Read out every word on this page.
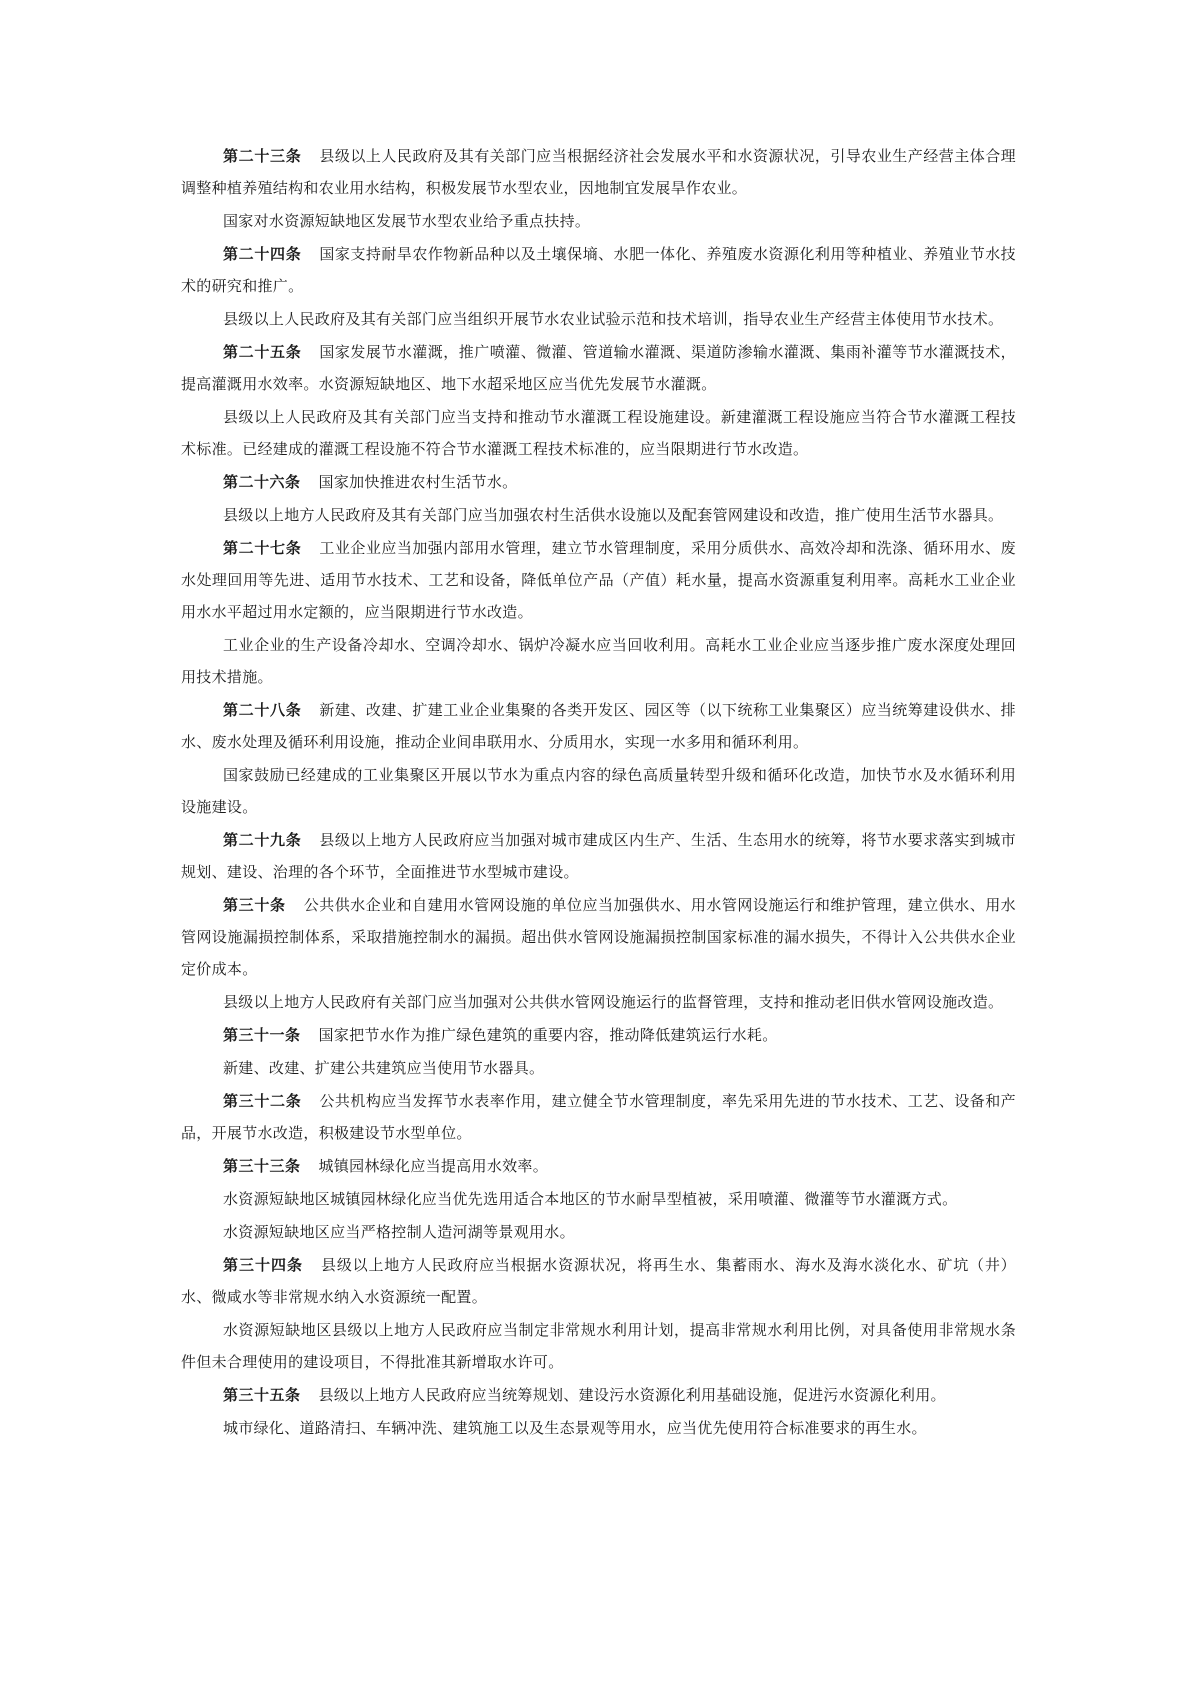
第二十三条 县级以上人民政府及其有关部门应当根据经济社会发展水平和水资源状况，引导农业生产经营主体合理调整种植养殖结构和农业用水结构，积极发展节水型农业，因地制宜发展旱作农业。

国家对水资源短缺地区发展节水型农业给予重点扶持。

第二十四条 国家支持耐旱农作物新品种以及土壤保墒、水肥一体化、养殖废水资源化利用等种植业、养殖业节水技术的研究和推广。

县级以上人民政府及其有关部门应当组织开展节水农业试验示范和技术培训，指导农业生产经营主体使用节水技术。

第二十五条 国家发展节水灌溉，推广喷灌、微灌、管道输水灌溉、渠道防渗输水灌溉、集雨补灌等节水灌溉技术，提高灌溉用水效率。水资源短缺地区、地下水超采地区应当优先发展节水灌溉。

县级以上人民政府及其有关部门应当支持和推动节水灌溉工程设施建设。新建灌溉工程设施应当符合节水灌溉工程技术标准。已经建成的灌溉工程设施不符合节水灌溉工程技术标准的，应当限期进行节水改造。

第二十六条 国家加快推进农村生活节水。

县级以上地方人民政府及其有关部门应当加强农村生活供水设施以及配套管网建设和改造，推广使用生活节水器具。

第二十七条 工业企业应当加强内部用水管理，建立节水管理制度，采用分质供水、高效冷却和洗涤、循环用水、废水处理回用等先进、适用节水技术、工艺和设备，降低单位产品（产值）耗水量，提高水资源重复利用率。高耗水工业企业用水水平超过用水定额的，应当限期进行节水改造。

工业企业的生产设备冷却水、空调冷却水、锅炉冷凝水应当回收利用。高耗水工业企业应当逐步推广废水深度处理回用技术措施。

第二十八条 新建、改建、扩建工业企业集聚的各类开发区、园区等（以下统称工业集聚区）应当统筹建设供水、排水、废水处理及循环利用设施，推动企业间串联用水、分质用水，实现一水多用和循环利用。

国家鼓励已经建成的工业集聚区开展以节水为重点内容的绿色高质量转型升级和循环化改造，加快节水及水循环利用设施建设。

第二十九条 县级以上地方人民政府应当加强对城市建成区内生产、生活、生态用水的统筹，将节水要求落实到城市规划、建设、治理的各个环节，全面推进节水型城市建设。

第三十条 公共供水企业和自建用水管网设施的单位应当加强供水、用水管网设施运行和维护管理，建立供水、用水管网设施漏损控制体系，采取措施控制水的漏损。超出供水管网设施漏损控制国家标准的漏水损失，不得计入公共供水企业定价成本。

县级以上地方人民政府有关部门应当加强对公共供水管网设施运行的监督管理，支持和推动老旧供水管网设施改造。

第三十一条 国家把节水作为推广绿色建筑的重要内容，推动降低建筑运行水耗。

新建、改建、扩建公共建筑应当使用节水器具。

第三十二条 公共机构应当发挥节水表率作用，建立健全节水管理制度，率先采用先进的节水技术、工艺、设备和产品，开展节水改造，积极建设节水型单位。

第三十三条 城镇园林绿化应当提高用水效率。

水资源短缺地区城镇园林绿化应当优先选用适合本地区的节水耐旱型植被，采用喷灌、微灌等节水灌溉方式。

水资源短缺地区应当严格控制人造河湖等景观用水。

第三十四条 县级以上地方人民政府应当根据水资源状况，将再生水、集蓄雨水、海水及海水淡化水、矿坑（井）水、微咸水等非常规水纳入水资源统一配置。

水资源短缺地区县级以上地方人民政府应当制定非常规水利用计划，提高非常规水利用比例，对具备使用非常规水条件但未合理使用的建设项目，不得批准其新增取水许可。

第三十五条 县级以上地方人民政府应当统筹规划、建设污水资源化利用基础设施，促进污水资源化利用。

城市绿化、道路清扫、车辆冲洗、建筑施工以及生态景观等用水，应当优先使用符合标准要求的再生水。
